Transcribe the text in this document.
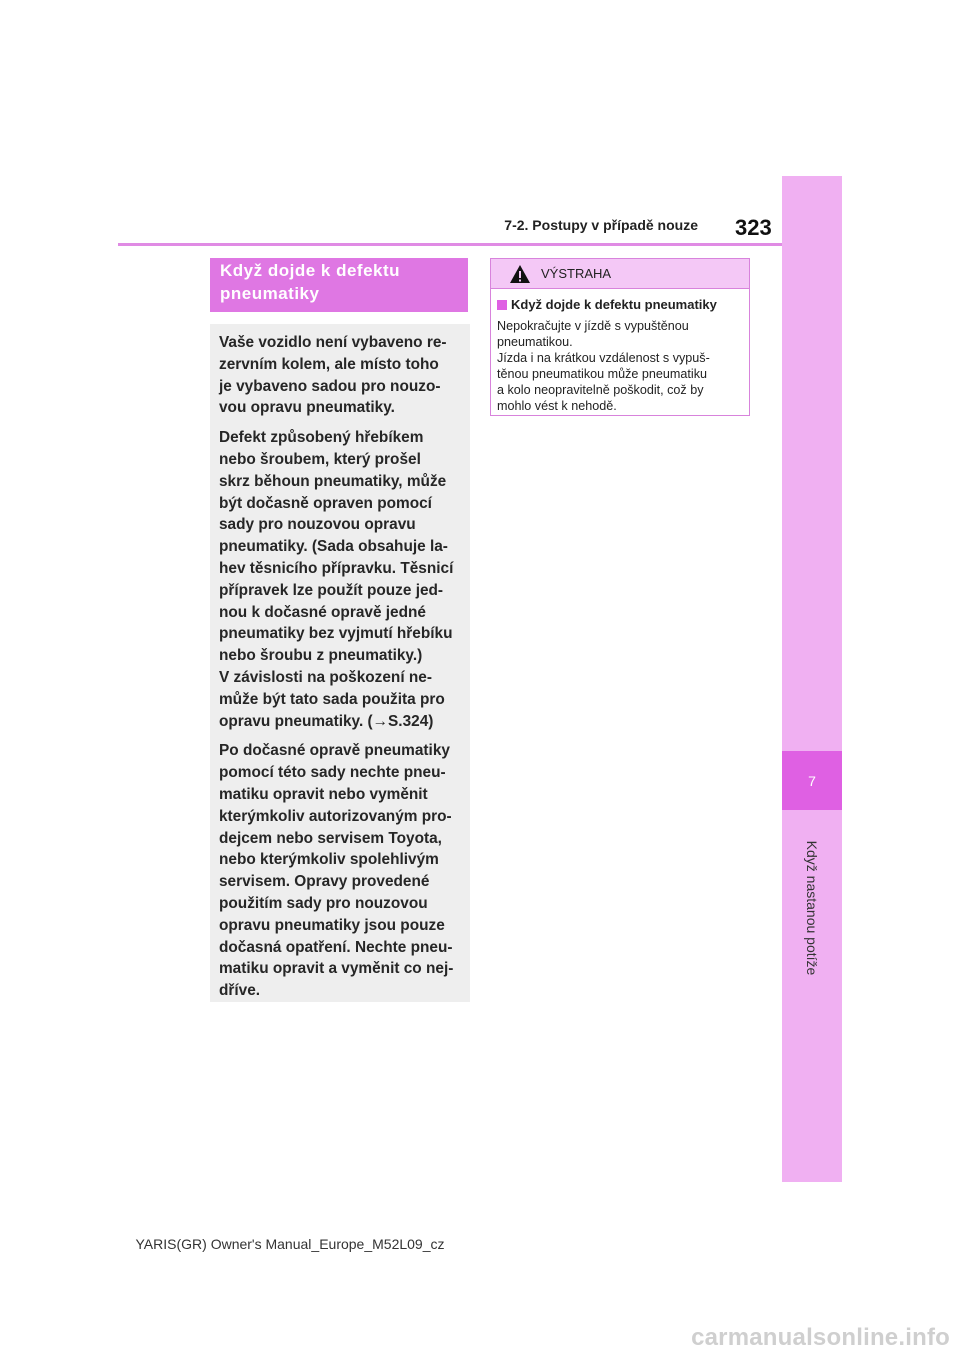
7
Když nastanou potíže
7-2. Postupy v případě nouze 323
Když dojde k defektu
pneumatiky

Vaše vozidlo není vybaveno re-
zervním kolem, ale místo toho
je vybaveno sadou pro nouzo-
vou opravu pneumatiky.

Defekt způsobený hřebíkem
nebo šroubem, který prošel
skrz běhoun pneumatiky, může
být dočasně opraven pomocí
sady pro nouzovou opravu
pneumatiky. (Sada obsahuje la-
hev těsnicího přípravku. Těsnicí
přípravek lze použít pouze jed-
nou k dočasné opravě jedné
pneumatiky bez vyjmutí hřebíku
nebo šroubu z pneumatiky.)
V závislosti na poškození ne-
může být tato sada použita pro
opravu pneumatiky. (→S.324)

Po dočasné opravě pneumatiky
pomocí této sady nechte pneu-
matiku opravit nebo vyměnit
kterýmkoliv autorizovaným pro-
dejcem nebo servisem Toyota,
nebo kterýmkoliv spolehlivým
servisem. Opravy provedené
použitím sady pro nouzovou
opravu pneumatiky jsou pouze
dočasná opatření. Nechte pneu-
matiku opravit a vyměnit co nej-
dříve.

VÝSTRAHA
Když dojde k defektu pneumatiky

Nepokračujte v jízdě s vypuštěnou

pneumatikou.

Jízda i na krátkou vzdálenost s vypuš-

těnou pneumatikou může pneumatiku

a kolo neopravitelně poškodit, což by

mohlo vést k nehodě.

YARIS(GR) Owner's Manual_Europe_M52L09_cz
carmanualsonline.info
